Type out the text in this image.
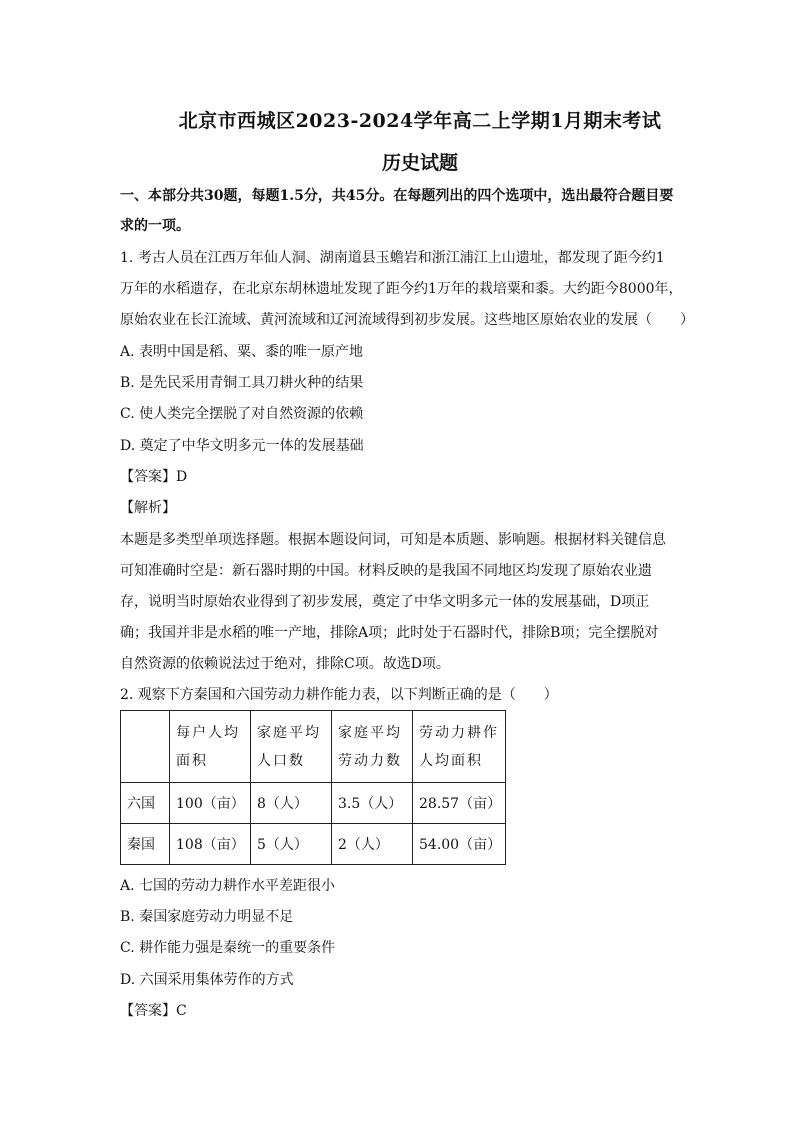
北京市西城区2023-2024学年高二上学期1月期末考试
历史试题
一、本部分共30题，每题1.5分，共45分。在每题列出的四个选项中，选出最符合题目要
求的一项。
1. 考古人员在江西万年仙人洞、湖南道县玉蟾岩和浙江浦江上山遗址，都发现了距今约1
万年的水稻遗存，在北京东胡林遗址发现了距今约1万年的栽培粟和黍。大约距今8000年，
原始农业在长江流域、黄河流域和辽河流域得到初步发展。这些地区原始农业的发展（　　）
A. 表明中国是稻、粟、黍的唯一原产地
B. 是先民采用青铜工具刀耕火种的结果
C. 使人类完全摆脱了对自然资源的依赖
D. 奠定了中华文明多元一体的发展基础
【答案】D
【解析】
本题是多类型单项选择题。根据本题设问词，可知是本质题、影响题。根据材料关键信息
可知准确时空是：新石器时期的中国。材料反映的是我国不同地区均发现了原始农业遗
存，说明当时原始农业得到了初步发展，奠定了中华文明多元一体的发展基础，D项正
确；我国并非是水稻的唯一产地，排除A项；此时处于石器时代，排除B项；完全摆脱对
自然资源的依赖说法过于绝对，排除C项。故选D项。
2. 观察下方秦国和六国劳动力耕作能力表，以下判断正确的是（　　）
	每户人均面积	家庭平均人口数	家庭平均劳动力数	劳动力耕作人均面积
六国	100（亩）	8（人）	3.5（人）	28.57（亩）
秦国	108（亩）	5（人）	2（人）	54.00（亩）
A. 七国的劳动力耕作水平差距很小
B. 秦国家庭劳动力明显不足
C. 耕作能力强是秦统一的重要条件
D. 六国采用集体劳作的方式
【答案】C
